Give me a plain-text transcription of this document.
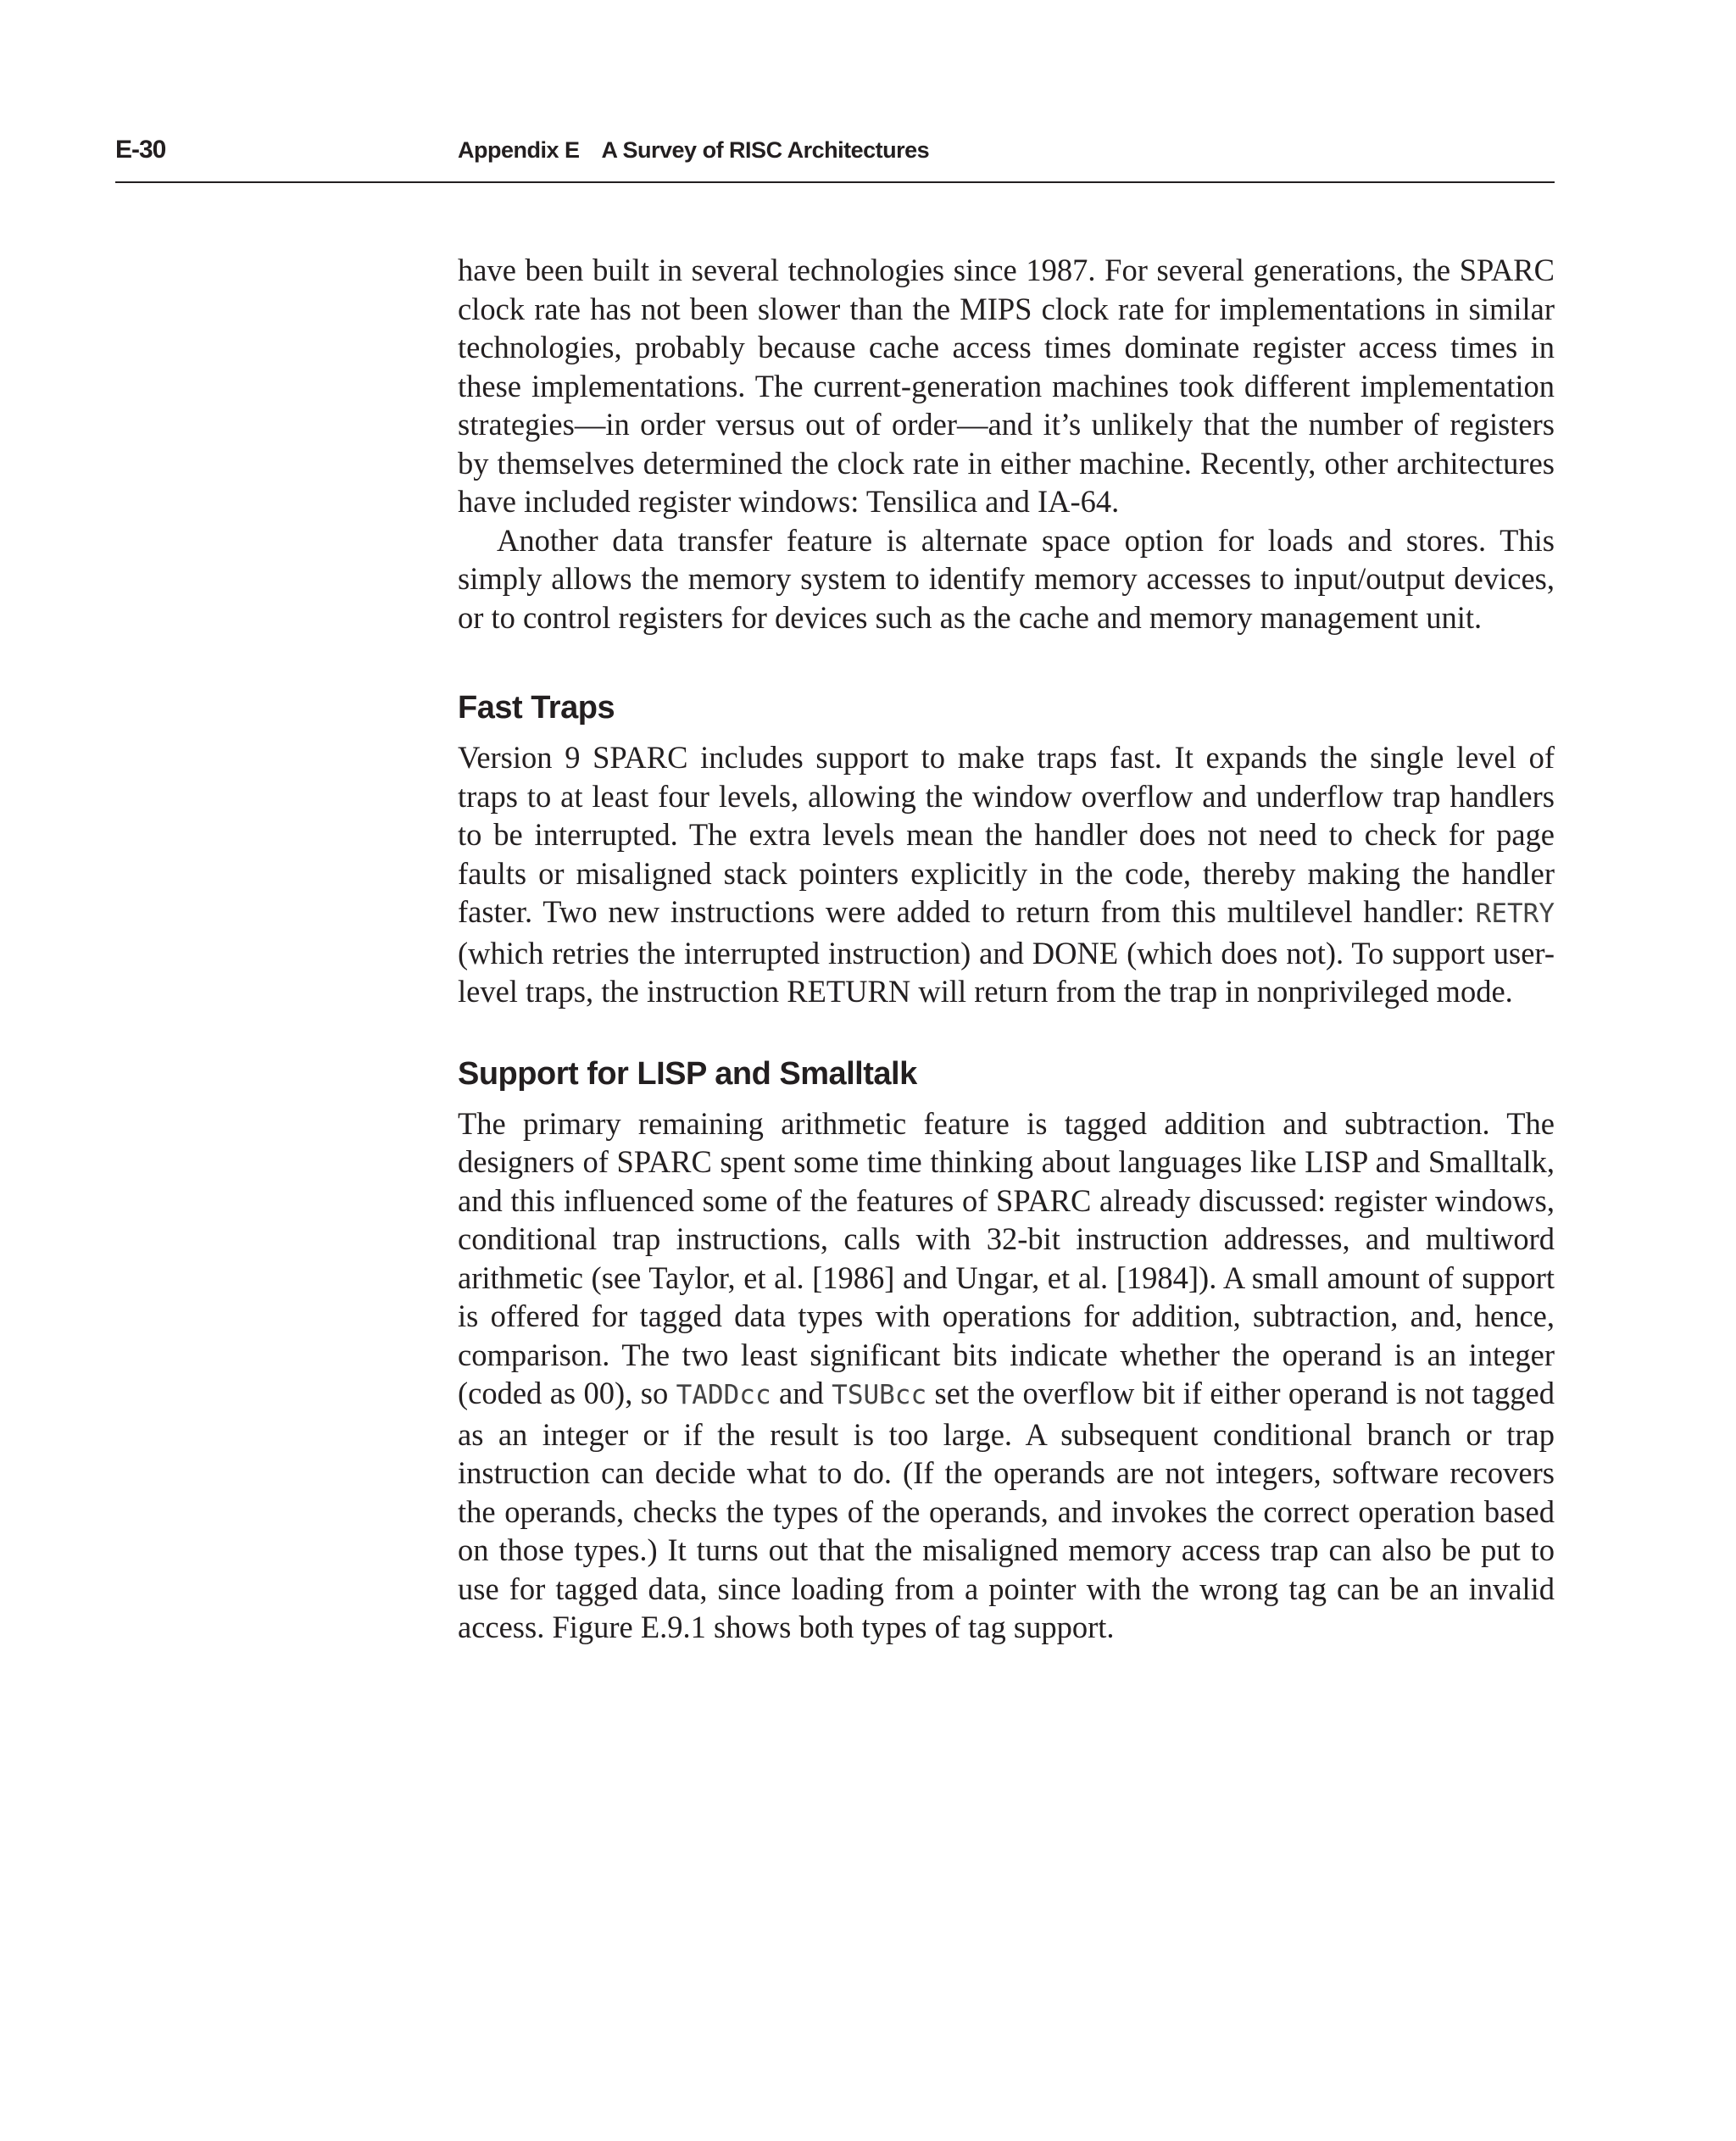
E-30	Appendix E A Survey of RISC Architectures

have been built in several technologies since 1987. For several generations, the SPARC clock rate has not been slower than the MIPS clock rate for implementations in similar technologies, probably because cache access times dominate register access times in these implementations. The current-generation machines took different implementation strategies—in order versus out of order—and it’s unlikely that the number of registers by themselves determined the clock rate in either machine. Recently, other architectures have included register windows: Tensilica and IA-64.

Another data transfer feature is alternate space option for loads and stores. This simply allows the memory system to identify memory accesses to input/​output devices, or to control registers for devices such as the cache and memory management unit.

Fast Traps

Version 9 SPARC includes support to make traps fast. It expands the single level of traps to at least four levels, allowing the window overflow and underflow trap handlers to be interrupted. The extra levels mean the handler does not need to check for page faults or misaligned stack pointers explicitly in the code, thereby making the handler faster. Two new instructions were added to return from this multilevel handler: RETRY (which retries the interrupted instruction) and DONE (which does not). To support user-level traps, the instruction RETURN will return from the trap in nonprivileged mode.

Support for LISP and Smalltalk

The primary remaining arithmetic feature is tagged addition and subtraction. The designers of SPARC spent some time thinking about languages like LISP and Smalltalk, and this influenced some of the features of SPARC already discussed: register windows, conditional trap instructions, calls with 32-bit instruction addresses, and multiword arithmetic (see Taylor, et al. [1986] and Ungar, et al. [1984]). A small amount of support is offered for tagged data types with operations for addition, subtraction, and, hence, comparison. The two least significant bits indicate whether the operand is an integer (coded as 00), so TADDcc and TSUBcc set the overflow bit if either operand is not tagged as an integer or if the result is too large. A subsequent conditional branch or trap instruction can decide what to do. (If the operands are not integers, software recovers the operands, checks the types of the operands, and invokes the correct operation based on those types.) It turns out that the misaligned memory access trap can also be put to use for tagged data, since loading from a pointer with the wrong tag can be an invalid access. Figure E.9.1 shows both types of tag support.
